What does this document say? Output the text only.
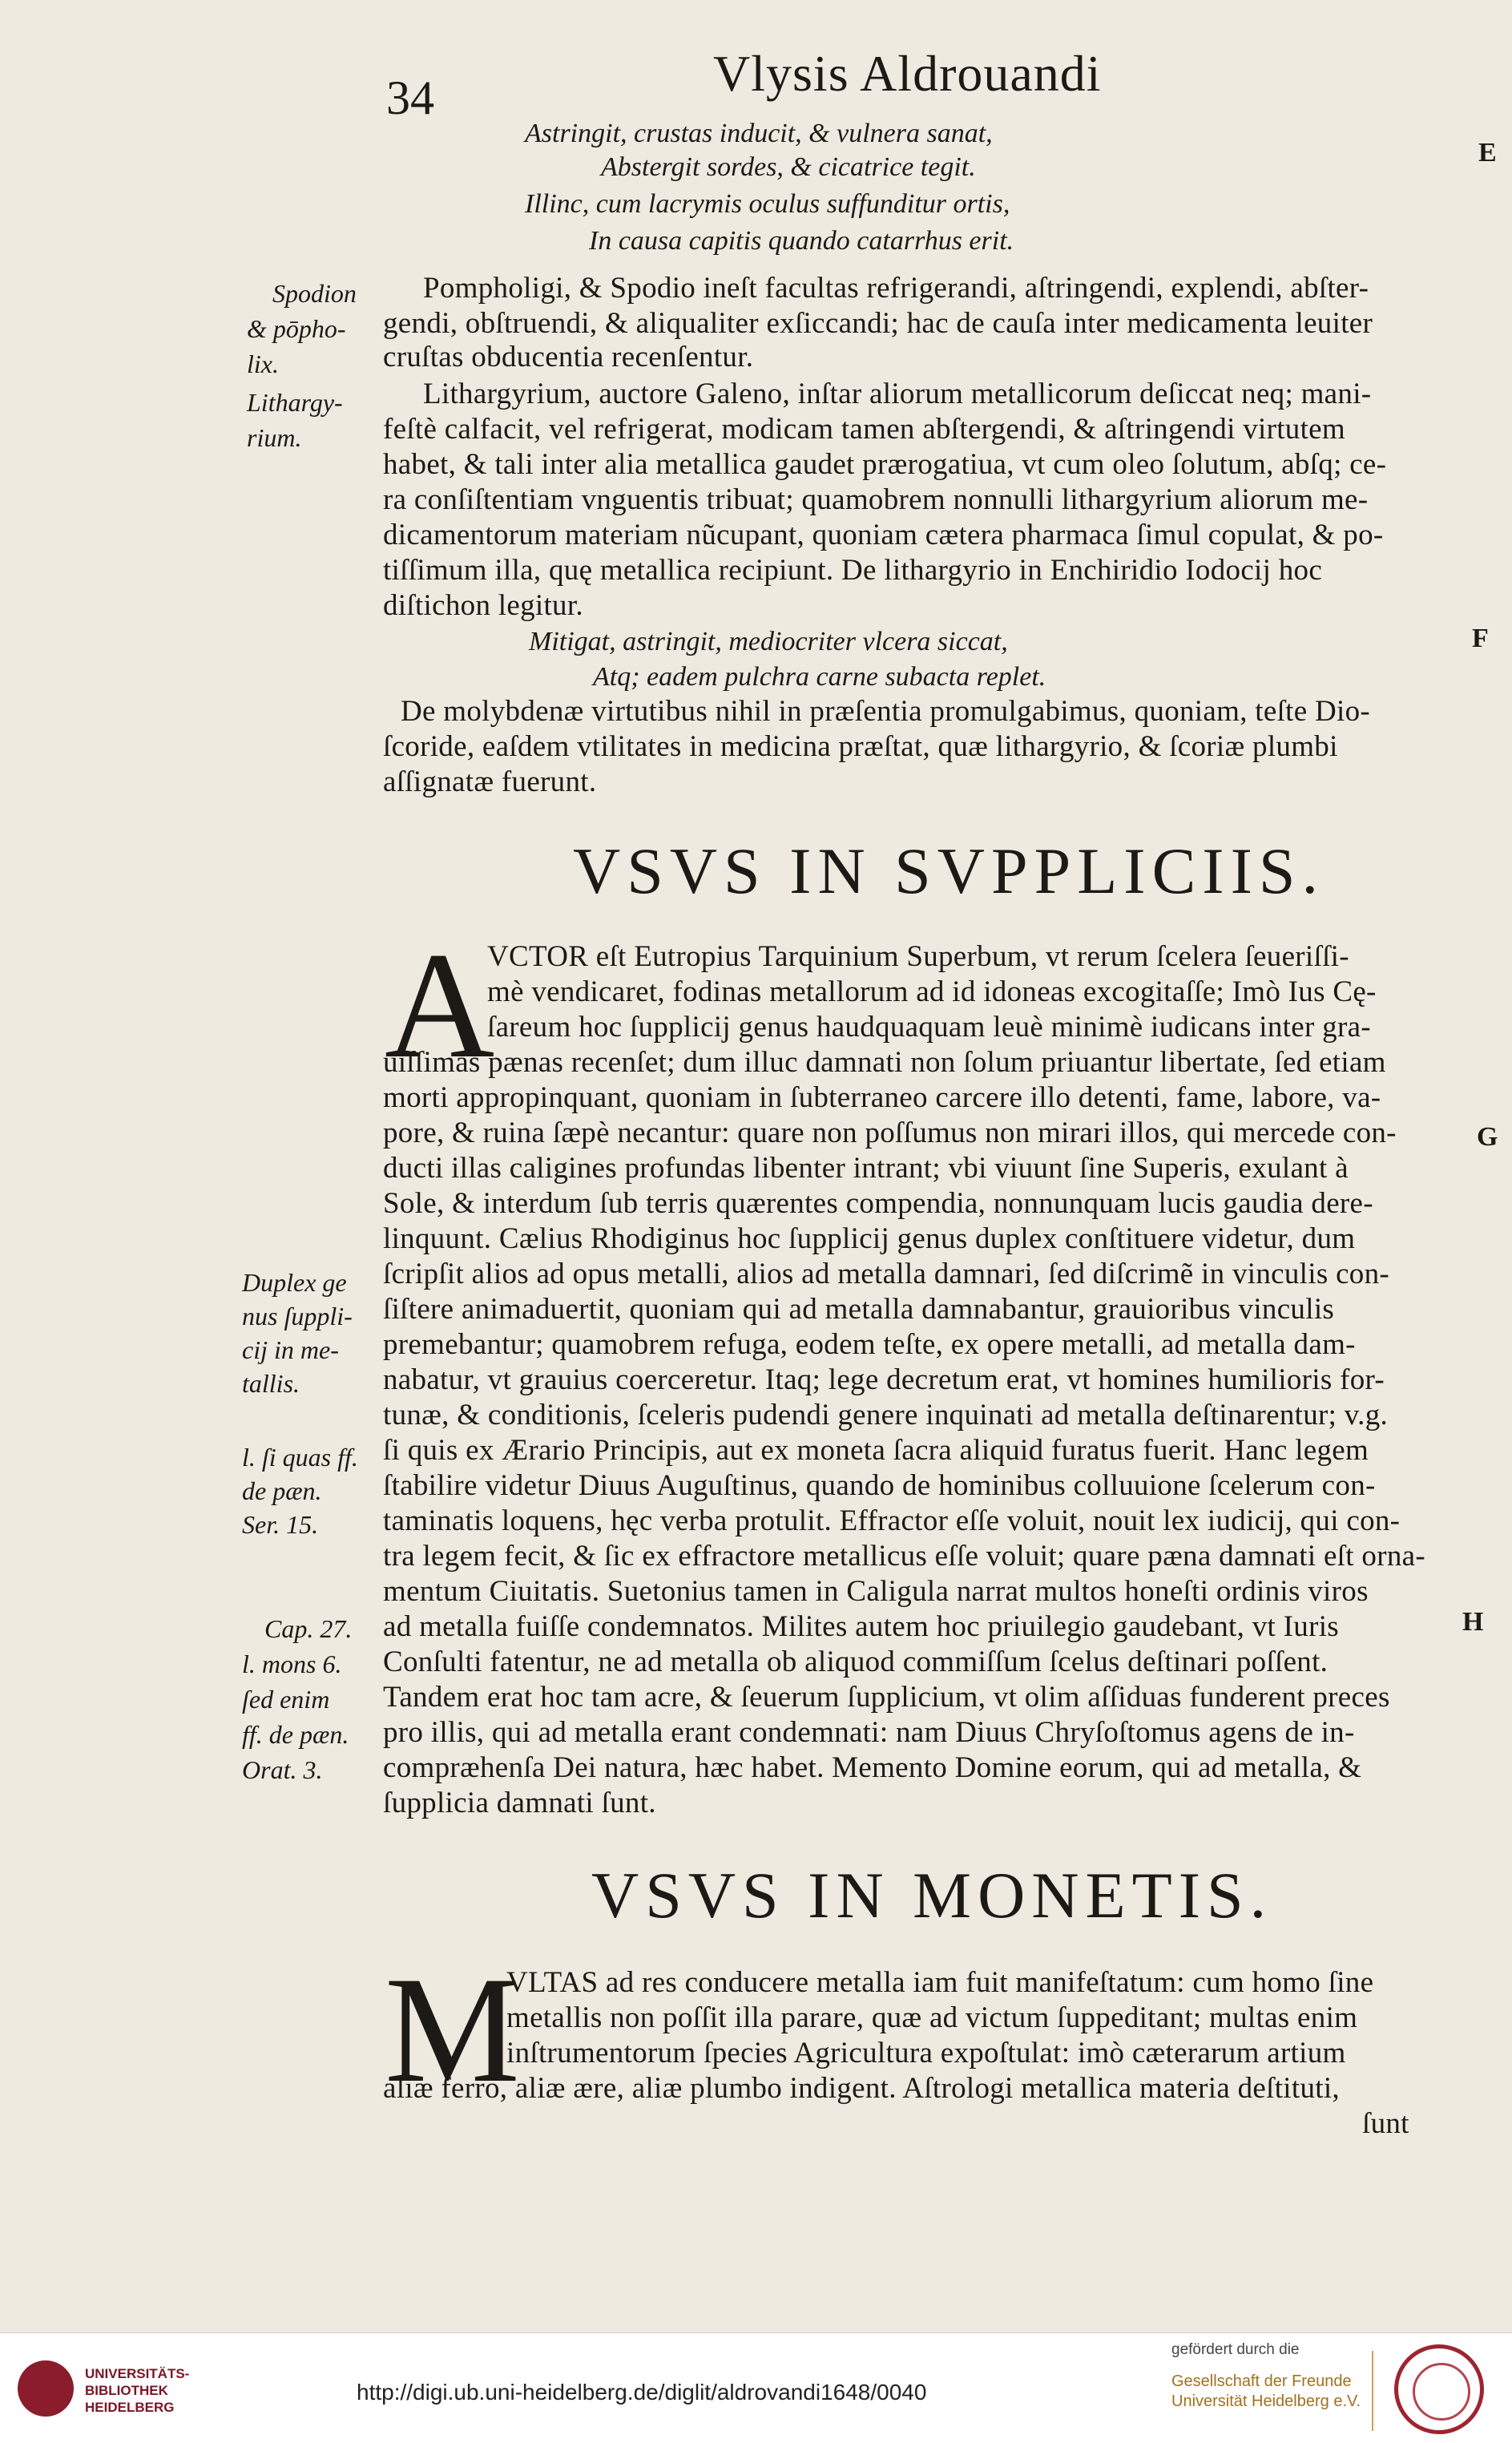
34	Vlysis Aldrouandi
E
F
G
H
Astringit, crustas inducit, & vulnera sanat,
Abstergit sordes, & cicatrice tegit.
Illinc, cum lacrymis oculus suffunditur ortis,
In causa capitis quando catarrhus erit.
Spodion
& pōpho-
lix.
Lithargy-
rium.
Pompholigi, & Spodio ineſt facultas refrigerandi, aſtringendi, explendi, abſter-
gendi, obſtruendi, & aliqualiter exſiccandi; hac de cauſa inter medicamenta leuiter
cruſtas obducentia recenſentur.
Lithargyrium, auctore Galeno, inſtar aliorum metallicorum deſiccat neq; mani-
feſtè calfacit, vel refrigerat, modicam tamen abſtergendi, & aſtringendi virtutem
habet, & tali inter alia metallica gaudet prærogatiua, vt cum oleo ſolutum, abſq; ce-
ra conſiſtentiam vnguentis tribuat; quamobrem nonnulli lithargyrium aliorum me-
dicamentorum materiam nũcupant, quoniam cætera pharmaca ſimul copulat, & po-
tiſſimum illa, quę metallica recipiunt. De lithargyrio in Enchiridio Iodocij hoc
diſtichon legitur.
Mitigat, astringit, mediocriter vlcera siccat,
Atq; eadem pulchra carne subacta replet.
De molybdenæ virtutibus nihil in præſentia promulgabimus, quoniam, teſte Dio-
ſcoride, eaſdem vtilitates in medicina præſtat, quæ lithargyrio, & ſcoriæ plumbi
aſſignatæ fuerunt.
VSVS IN SVPPLICIIS.
A
VCTOR eſt Eutropius Tarquinium Superbum, vt rerum ſcelera ſeueriſſi-
mè vendicaret, fodinas metallorum ad id idoneas excogitaſſe; Imò Ius Cę-
ſareum hoc ſupplicij genus haudquaquam leuè minimè iudicans inter gra-
uiſſimas pænas recenſet; dum illuc damnati non ſolum priuantur libertate, ſed etiam
morti appropinquant, quoniam in ſubterraneo carcere illo detenti, fame, labore, va-
pore, & ruina ſæpè necantur: quare non poſſumus non mirari illos, qui mercede con-
ducti illas caligines profundas libenter intrant; vbi viuunt ſine Superis, exulant à
Sole, & interdum ſub terris quærentes compendia, nonnunquam lucis gaudia dere-
linquunt. Cælius Rhodiginus hoc ſupplicij genus duplex conſtituere videtur, dum
ſcripſit alios ad opus metalli, alios ad metalla damnari, ſed diſcrimẽ in vinculis con-
ſiſtere animaduertit, quoniam qui ad metalla damnabantur, grauioribus vinculis
premebantur; quamobrem refuga, eodem teſte, ex opere metalli, ad metalla dam-
nabatur, vt grauius coerceretur. Itaq; lege decretum erat, vt homines humilioris for-
tunæ, & conditionis, ſceleris pudendi genere inquinati ad metalla deſtinarentur; v.g.
ſi quis ex Ærario Principis, aut ex moneta ſacra aliquid furatus fuerit. Hanc legem
ſtabilire videtur Diuus Auguſtinus, quando de hominibus colluuione ſcelerum con-
taminatis loquens, hęc verba protulit. Effractor eſſe voluit, nouit lex iudicij, qui con-
tra legem fecit, & ſic ex effractore metallicus eſſe voluit; quare pæna damnati eſt orna-
mentum Ciuitatis. Suetonius tamen in Caligula narrat multos honeſti ordinis viros
ad metalla fuiſſe condemnatos. Milites autem hoc priuilegio gaudebant, vt Iuris
Conſulti fatentur, ne ad metalla ob aliquod commiſſum ſcelus deſtinari poſſent.
Tandem erat hoc tam acre, & ſeuerum ſupplicium, vt olim aſſiduas funderent preces
pro illis, qui ad metalla erant condemnati: nam Diuus Chryſoſtomus agens de in-
compræhenſa Dei natura, hæc habet. Memento Domine eorum, qui ad metalla, &
ſupplicia damnati ſunt.
Duplex ge
nus ſuppli-
cij in me-
tallis.
l. ſi quas ff.
de pæn.
Ser. 15.
Cap. 27.
l. mons 6.
ſed enim
ff. de pæn.
Orat. 3.
VSVS IN MONETIS.
M
VLTAS ad res conducere metalla iam fuit manifeſtatum: cum homo ſine
metallis non poſſit illa parare, quæ ad victum ſuppeditant; multas enim
inſtrumentorum ſpecies Agricultura expoſtulat: imò cæterarum artium
aliæ ferro, aliæ ære, aliæ plumbo indigent. Aſtrologi metallica materia deſtituti,
ſunt
UNIVERSITÄTS-
BIBLIOTHEK
HEIDELBERG
http://digi.ub.uni-heidelberg.de/diglit/aldrovandi1648/0040
gefördert durch die
Gesellschaft der Freunde
Universität Heidelberg e.V.
